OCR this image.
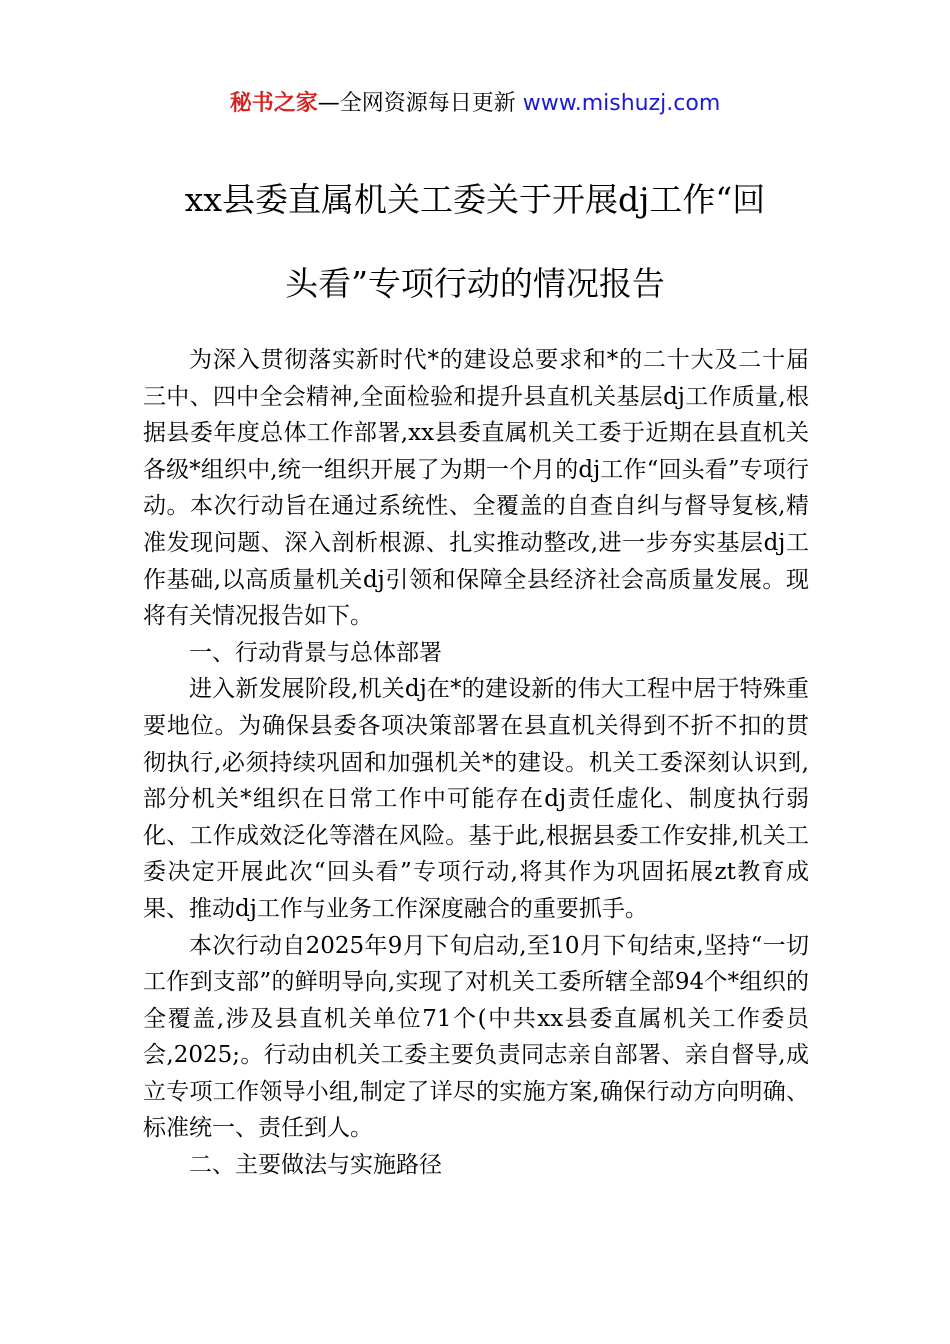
秘书之家—全网资源每日更新 www.mishuzj.com
xx县委直属机关工委关于开展dj工作“回
头看”专项行动的情况报告

为深入贯彻落实新时代*的建设总要求和*的二十大及二十届三中、四中全会精神,全面检验和提升县直机关基层dj工作质量,根据县委年度总体工作部署,xx县委直属机关工委于近期在县直机关各级*组织中,统一组织开展了为期一个月的dj工作“回头看”专项行动。本次行动旨在通过系统性、全覆盖的自查自纠与督导复核,精准发现问题、深入剖析根源、扎实推动整改,进一步夯实基层dj工作基础,以高质量机关dj引领和保障全县经济社会高质量发展。现将有关情况报告如下。

一、行动背景与总体部署

进入新发展阶段,机关dj在*的建设新的伟大工程中居于特殊重要地位。为确保县委各项决策部署在县直机关得到不折不扣的贯彻执行,必须持续巩固和加强机关*的建设。机关工委深刻认识到,部分机关*组织在日常工作中可能存在dj责任虚化、制度执行弱化、工作成效泛化等潜在风险。基于此,根据县委工作安排,机关工委决定开展此次“回头看”专项行动,将其作为巩固拓展zt教育成果、推动dj工作与业务工作深度融合的重要抓手。

本次行动自2025年9月下旬启动,至10月下旬结束,坚持“一切工作到支部”的鲜明导向,实现了对机关工委所辖全部94个*组织的全覆盖,涉及县直机关单位71个(中共xx县委直属机关工作委员会,2025;。行动由机关工委主要负责同志亲自部署、亲自督导,成立专项工作领导小组,制定了详尽的实施方案,确保行动方向明确、标准统一、责任到人。

二、主要做法与实施路径
